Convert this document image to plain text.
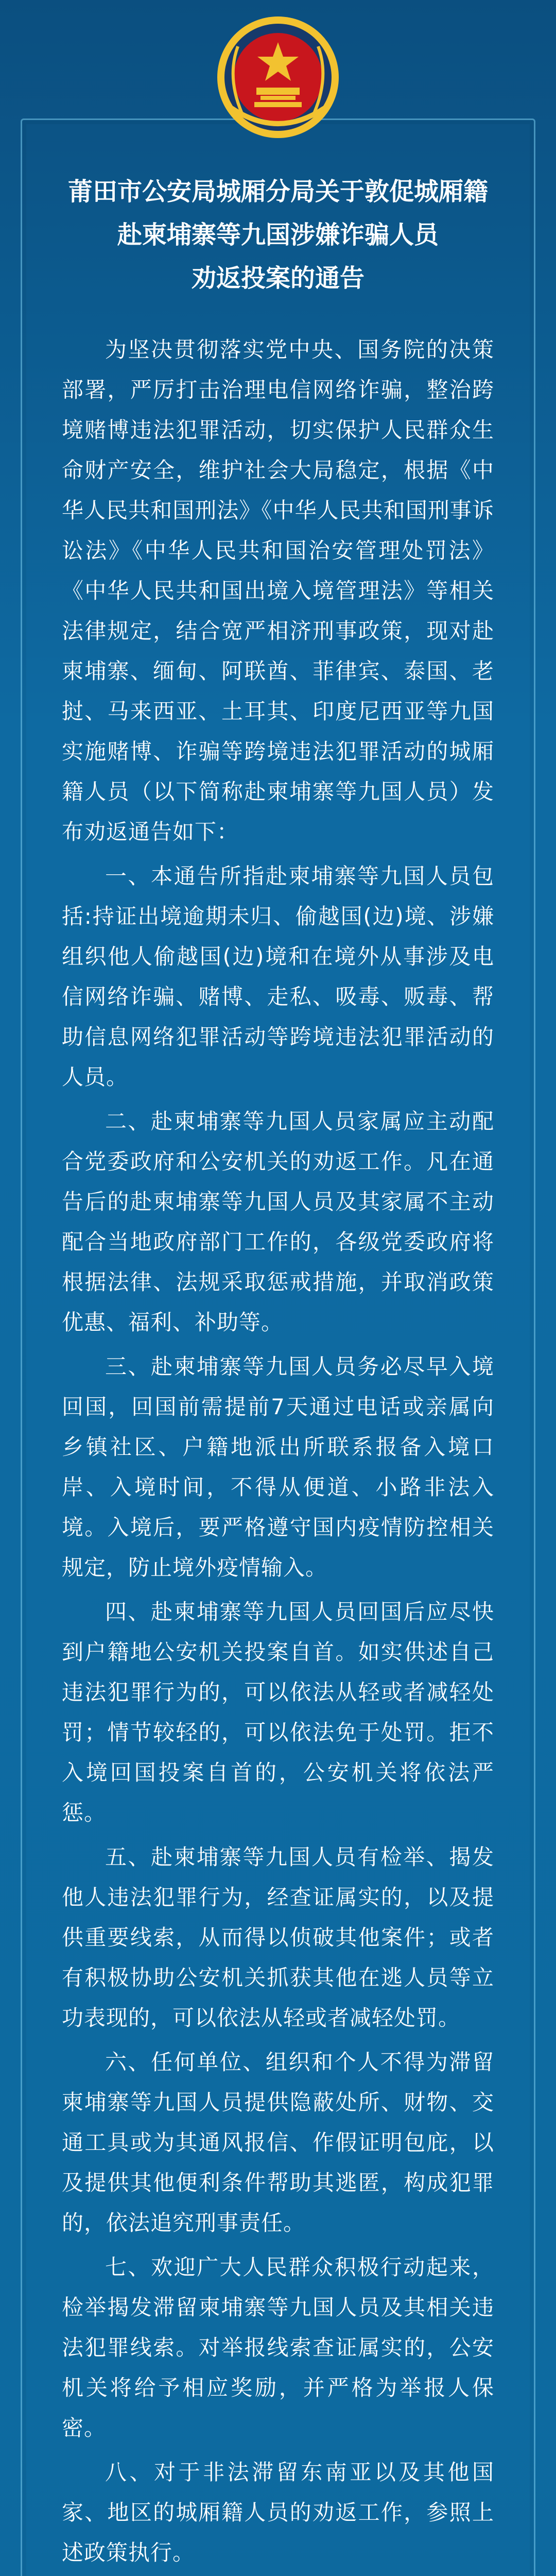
莆田市公安局城厢分局关于敦促城厢籍

赴柬埔寨等九国涉嫌诈骗人员

劝返投案的通告

为坚决贯彻落实党中央、国务院的决策部署，严厉打击治理电信网络诈骗，整治跨境赌博违法犯罪活动，切实保护人民群众生命财产安全，维护社会大局稳定，根据《中华人民共和国刑法》《中华人民共和国刑事诉讼法》《中华人民共和国治安管理处罚法》《中华人民共和国出境入境管理法》等相关法律规定，结合宽严相济刑事政策，现对赴柬埔寨、缅甸、阿联酋、菲律宾、泰国、老挝、马来西亚、土耳其、印度尼西亚等九国实施赌博、诈骗等跨境违法犯罪活动的城厢籍人员（以下简称赴柬埔寨等九国人员）发布劝返通告如下：

一、本通告所指赴柬埔寨等九国人员包括:持证出境逾期未归、偷越国(边)境、涉嫌组织他人偷越国(边)境和在境外从事涉及电信网络诈骗、赌博、走私、吸毒、贩毒、帮助信息网络犯罪活动等跨境违法犯罪活动的人员。

二、赴柬埔寨等九国人员家属应主动配合党委政府和公安机关的劝返工作。凡在通告后的赴柬埔寨等九国人员及其家属不主动配合当地政府部门工作的，各级党委政府将根据法律、法规采取惩戒措施，并取消政策优惠、福利、补助等。

三、赴柬埔寨等九国人员务必尽早入境回国，回国前需提前7天通过电话或亲属向乡镇社区、户籍地派出所联系报备入境口岸、入境时间，不得从便道、小路非法入境。入境后，要严格遵守国内疫情防控相关规定，防止境外疫情输入。

四、赴柬埔寨等九国人员回国后应尽快到户籍地公安机关投案自首。如实供述自己违法犯罪行为的，可以依法从轻或者减轻处罚；情节较轻的，可以依法免于处罚。拒不入境回国投案自首的，公安机关将依法严惩。

五、赴柬埔寨等九国人员有检举、揭发他人违法犯罪行为，经查证属实的，以及提供重要线索，从而得以侦破其他案件；或者有积极协助公安机关抓获其他在逃人员等立功表现的，可以依法从轻或者减轻处罚。

六、任何单位、组织和个人不得为滞留柬埔寨等九国人员提供隐蔽处所、财物、交通工具或为其通风报信、作假证明包庇，以及提供其他便利条件帮助其逃匿，构成犯罪的，依法追究刑事责任。

七、欢迎广大人民群众积极行动起来，检举揭发滞留柬埔寨等九国人员及其相关违法犯罪线索。对举报线索查证属实的，公安机关将给予相应奖励，并严格为举报人保密。

八、对于非法滞留东南亚以及其他国家、地区的城厢籍人员的劝返工作，参照上述政策执行。
